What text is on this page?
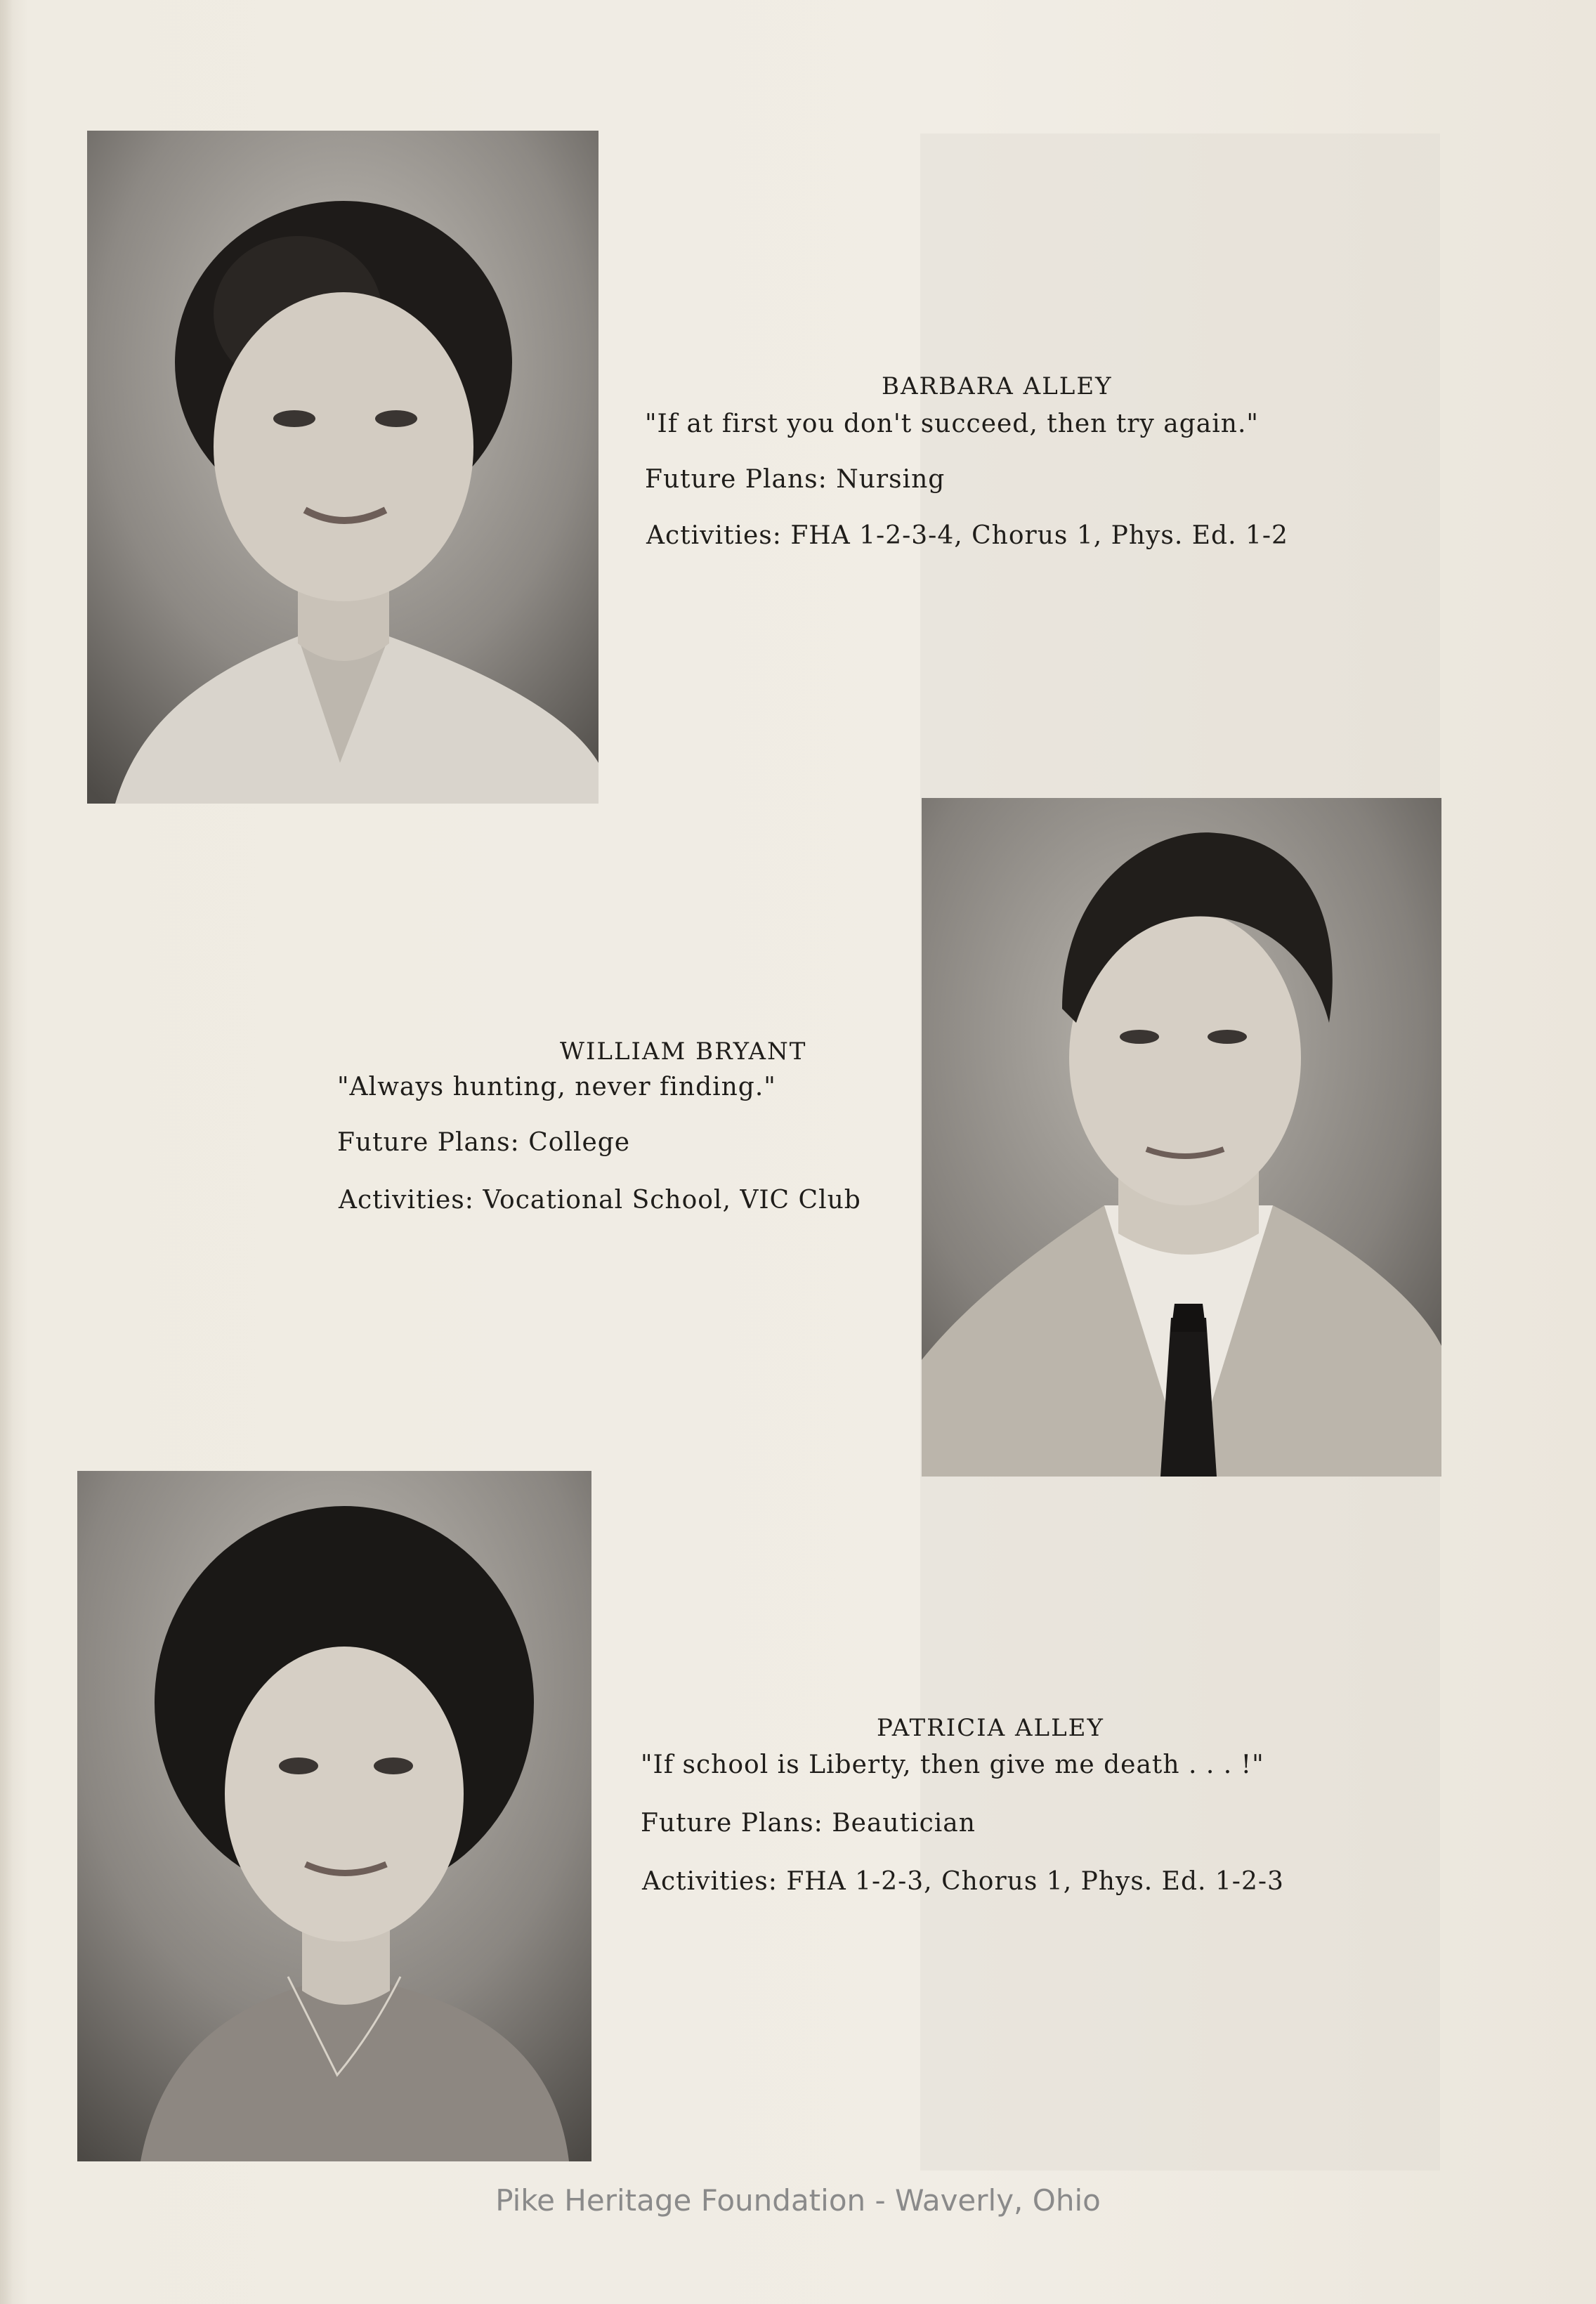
BARBARA ALLEY
"If at first you don't succeed, then try again."
Future Plans: Nursing
Activities: FHA 1-2-3-4, Chorus 1, Phys. Ed. 1-2
WILLIAM BRYANT
"Always hunting, never finding."
Future Plans: College
Activities: Vocational School, VIC Club
PATRICIA ALLEY
"If school is Liberty, then give me death . . . !"
Future Plans: Beautician
Activities: FHA 1-2-3, Chorus 1, Phys. Ed. 1-2-3
Pike Heritage Foundation - Waverly, Ohio
